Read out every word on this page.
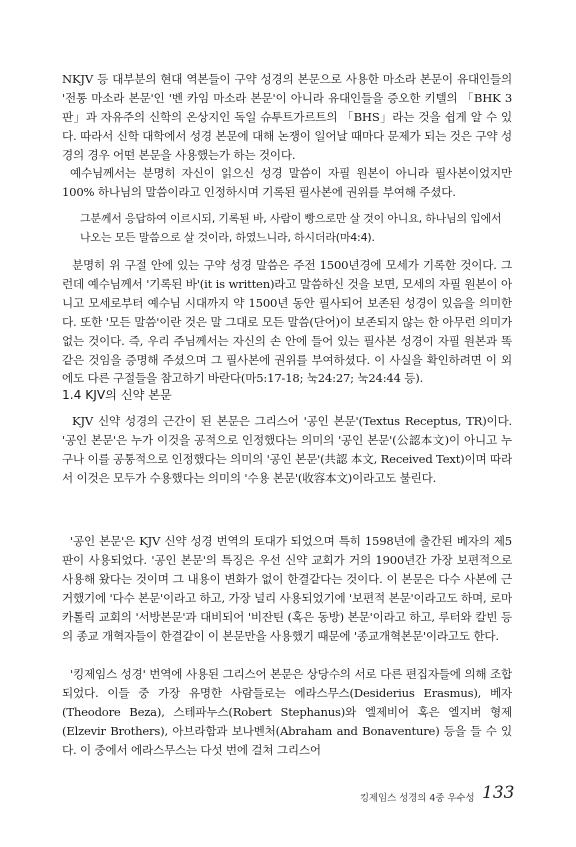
NKJV 등 대부분의 현대 역본들이 구약 성경의 본문으로 사용한 마소라 본문이 유대인들의 '전통 마소라 본문'인 '벤 카임 마소라 본문'이 아니라 유대인들을 증오한 키텔의 「BHK 3판」과 자유주의 신학의 온상지인 독일 슈투트가르트의 「BHS」라는 것을 쉽게 알 수 있다. 따라서 신학 대학에서 성경 본문에 대해 논쟁이 일어날 때마다 문제가 되는 것은 구약 성경의 경우 어떤 본문을 사용했는가 하는 것이다.

예수님께서는 분명히 자신이 읽으신 성경 말씀이 자필 원본이 아니라 필사본이었지만 100% 하나님의 말씀이라고 인정하시며 기록된 필사본에 권위를 부여해 주셨다.

그분께서 응답하여 이르시되, 기록된 바, 사람이 빵으로만 살 것이 아니요, 하나님의 입에서 나오는 모든 말씀으로 살 것이라, 하였느니라, 하시더라(마4:4).

분명히 위 구절 안에 있는 구약 성경 말씀은 주전 1500년경에 모세가 기록한 것이다. 그런데 예수님께서 '기록된 바'(it is written)라고 말씀하신 것을 보면, 모세의 자필 원본이 아니고 모세로부터 예수님 시대까지 약 1500년 동안 필사되어 보존된 성경이 있음을 의미한다. 또한 '모든 말씀'이란 것은 말 그대로 모든 말씀(단어)이 보존되지 않는 한 아무런 의미가 없는 것이다. 즉, 우리 주님께서는 자신의 손 안에 들어 있는 필사본 성경이 자필 원본과 똑같은 것임을 증명해 주셨으며 그 필사본에 권위를 부여하셨다. 이 사실을 확인하려면 이 외에도 다른 구절들을 참고하기 바란다(마5:17-18; 눅24:27; 눅24:44 등).

1.4 KJV의 신약 본문

KJV 신약 성경의 근간이 된 본문은 그리스어 '공인 본문'(Textus Receptus, TR)이다. '공인 본문'은 누가 이것을 공적으로 인정했다는 의미의 '공인 본문'(公認本文)이 아니고 누구나 이를 공통적으로 인정했다는 의미의 '공인 본문'(共認 本文, Received Text)이며 따라서 이것은 모두가 수용했다는 의미의 '수용 본문'(收容本文)이라고도 불린다.

'공인 본문'은 KJV 신약 성경 번역의 토대가 되었으며 특히 1598년에 출간된 베자의 제5판이 사용되었다. '공인 본문'의 특징은 우선 신약 교회가 거의 1900년간 가장 보편적으로 사용해 왔다는 것이며 그 내용이 변화가 없이 한결같다는 것이다. 이 본문은 다수 사본에 근거했기에 '다수 본문'이라고 하고, 가장 널리 사용되었기에 '보편적 본문'이라고도 하며, 로마 카톨릭 교회의 '서방본문'과 대비되어 '비잔틴 (혹은 동방) 본문'이라고 하고, 루터와 칼빈 등의 종교 개혁자들이 한결같이 이 본문만을 사용했기 때문에 '종교개혁본문'이라고도 한다.

'킹제임스 성경' 번역에 사용된 그리스어 본문은 상당수의 서로 다른 편집자들에 의해 조합되었다. 이들 중 가장 유명한 사람들로는 에라스무스(Desiderius Erasmus), 베자(Theodore Beza), 스테파누스(Robert Stephanus)와 엘제비어 혹은 엘지버 형제(Elzevir Brothers), 아브라함과 보나벤처(Abraham and Bonaventure) 등을 들 수 있다. 이 중에서 에라스무스는 다섯 번에 걸쳐 그리스어

킹제임스 성경의 4중 우수성 133
